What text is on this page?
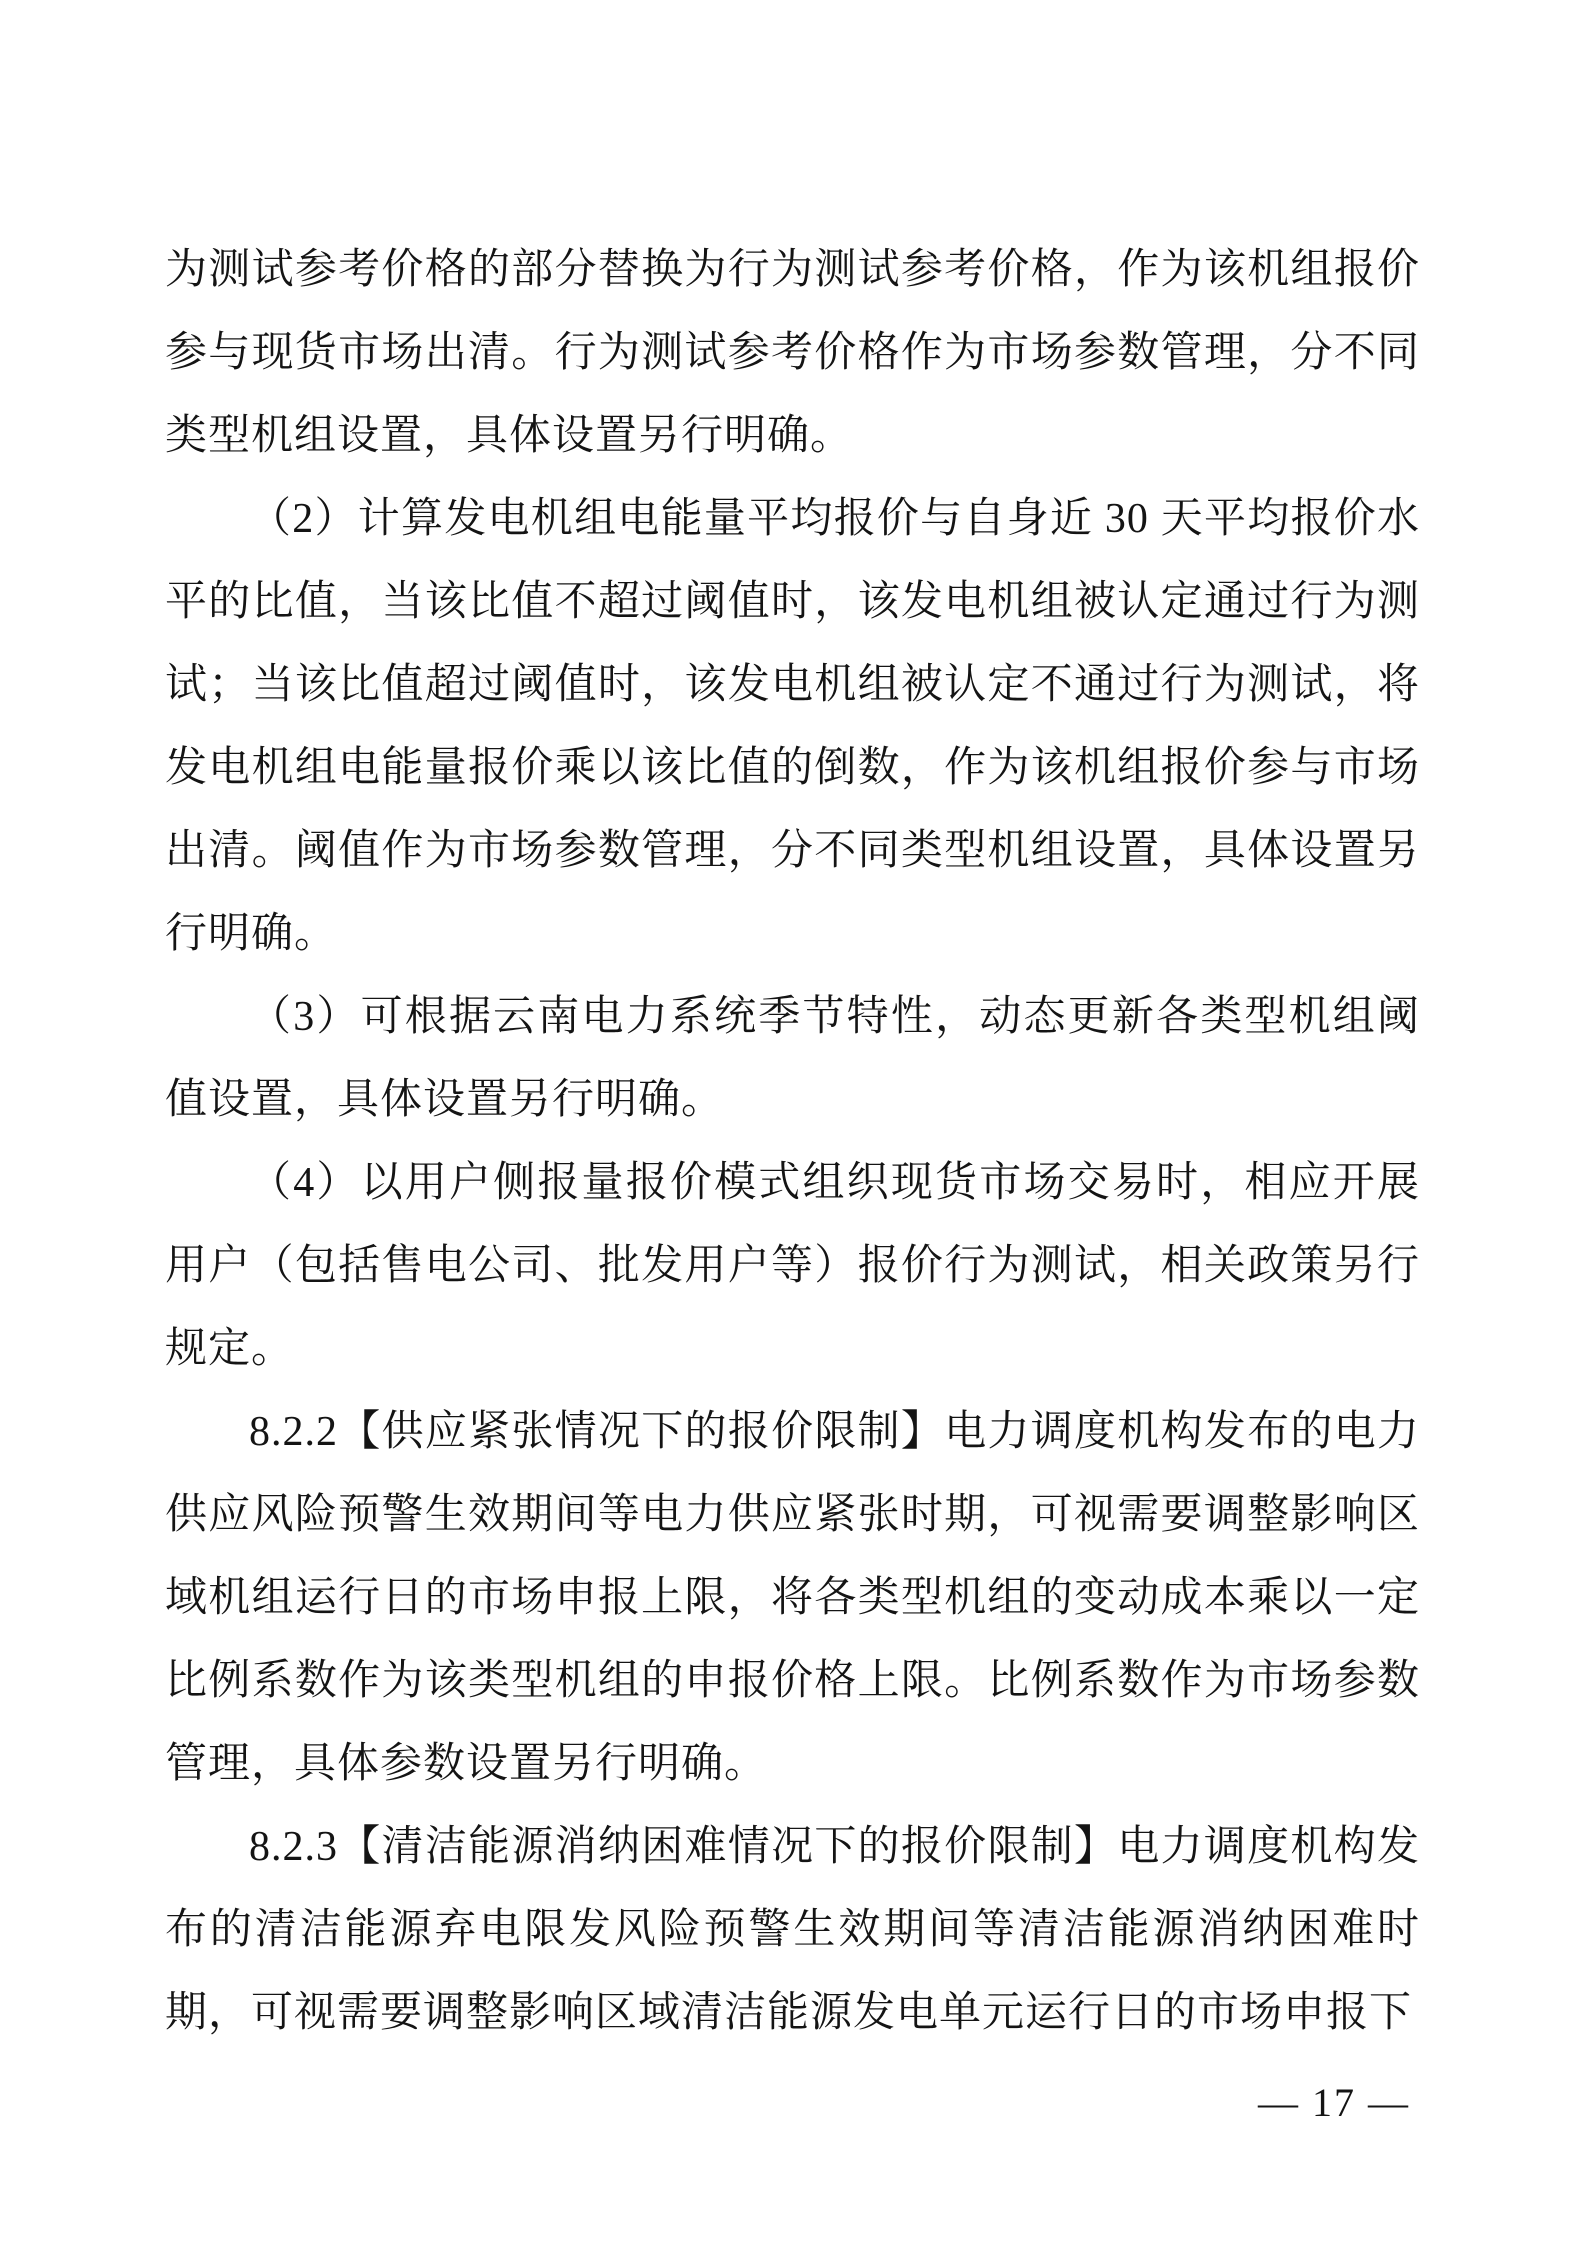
为测试参考价格的部分替换为行为测试参考价格，作为该机组报价参与现货市场出清。行为测试参考价格作为市场参数管理，分不同类型机组设置，具体设置另行明确。

（2）计算发电机组电能量平均报价与自身近 30 天平均报价水平的比值，当该比值不超过阈值时，该发电机组被认定通过行为测试；当该比值超过阈值时，该发电机组被认定不通过行为测试，将发电机组电能量报价乘以该比值的倒数，作为该机组报价参与市场出清。阈值作为市场参数管理，分不同类型机组设置，具体设置另行明确。

（3）可根据云南电力系统季节特性，动态更新各类型机组阈值设置，具体设置另行明确。

（4）以用户侧报量报价模式组织现货市场交易时，相应开展用户（包括售电公司、批发用户等）报价行为测试，相关政策另行规定。

8.2.2【供应紧张情况下的报价限制】电力调度机构发布的电力供应风险预警生效期间等电力供应紧张时期，可视需要调整影响区域机组运行日的市场申报上限，将各类型机组的变动成本乘以一定比例系数作为该类型机组的申报价格上限。比例系数作为市场参数管理，具体参数设置另行明确。

8.2.3【清洁能源消纳困难情况下的报价限制】电力调度机构发布的清洁能源弃电限发风险预警生效期间等清洁能源消纳困难时期，可视需要调整影响区域清洁能源发电单元运行日的市场申报下

— 17 —
